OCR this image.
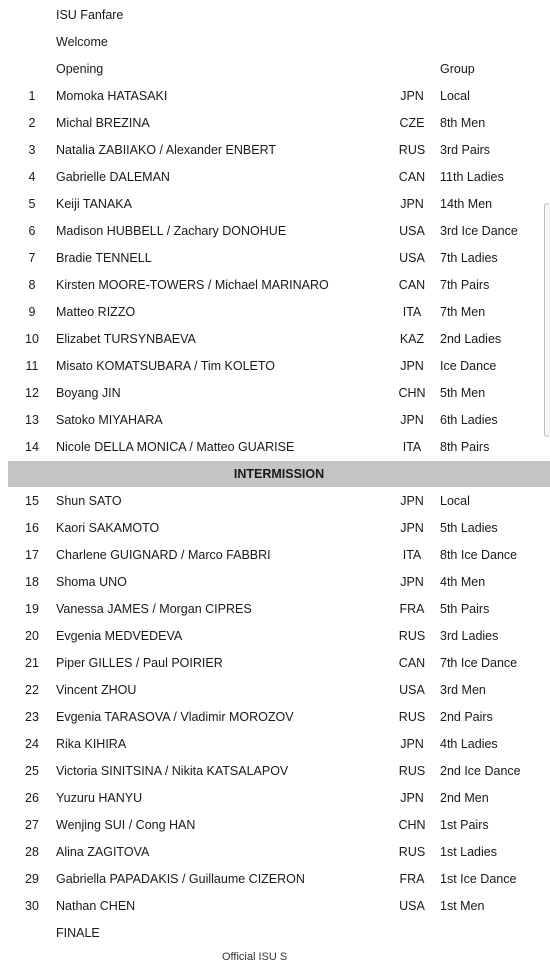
ISU Fanfare
Welcome
Opening	Group
1	Momoka HATASAKI	JPN Local
2	Michal BREZINA	CZE 8th Men
3	Natalia ZABIIAKO / Alexander ENBERT	RUS 3rd Pairs
4	Gabrielle DALEMAN	CAN 11th Ladies
5	Keiji TANAKA	JPN 14th Men
6	Madison HUBBELL / Zachary DONOHUE	USA 3rd Ice Dance
7	Bradie TENNELL	USA 7th Ladies
8	Kirsten MOORE-TOWERS / Michael MARINARO	CAN 7th Pairs
9	Matteo RIZZO	ITA	7th Men
10	Elizabet TURSYNBAEVA	KAZ 2nd Ladies
11	Misato KOMATSUBARA / Tim KOLETO	JPN Ice Dance
12	Boyang JIN	CHN 5th Men
13	Satoko MIYAHARA	JPN 6th Ladies
14	Nicole DELLA MONICA / Matteo GUARISE	ITA	8th Pairs
INTERMISSION
15	Shun SATO	JPN Local
16	Kaori SAKAMOTO	JPN 5th Ladies
17	Charlene GUIGNARD / Marco FABBRI	ITA	8th Ice Dance
18	Shoma UNO	JPN 4th Men
19	Vanessa JAMES / Morgan CIPRES	FRA 5th Pairs
20	Evgenia MEDVEDEVA	RUS 3rd Ladies
21	Piper GILLES / Paul POIRIER	CAN 7th Ice Dance
22	Vincent ZHOU	USA 3rd Men
23	Evgenia TARASOVA / Vladimir MOROZOV	RUS 2nd Pairs
24	Rika KIHIRA	JPN 4th Ladies
25	Victoria SINITSINA / Nikita KATSALAPOV	RUS 2nd Ice Dance
26	Yuzuru HANYU	JPN 2nd Men
27	Wenjing SUI / Cong HAN	CHN 1st Pairs
28	Alina ZAGITOVA	RUS 1st Ladies
29	Gabriella PAPADAKIS / Guillaume CIZERON	FRA 1st Ice Dance
30	Nathan CHEN	USA 1st Men
FINALE
Official ISU S
